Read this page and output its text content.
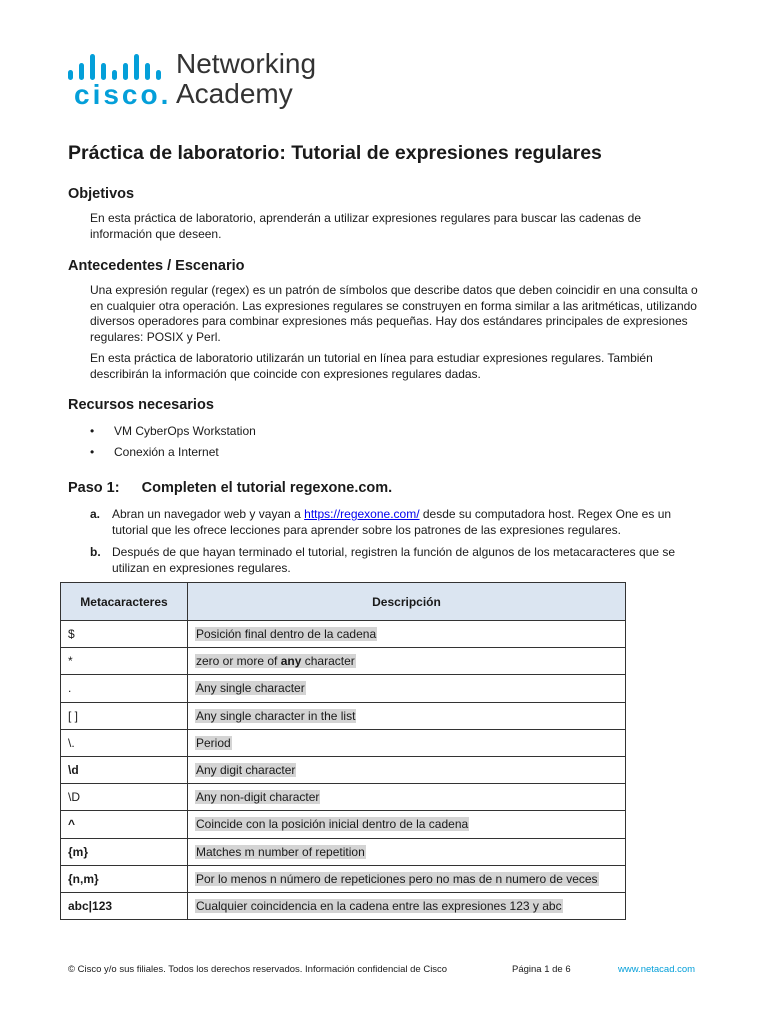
cisco.
Networking
Academy
Práctica de laboratorio: Tutorial de expresiones regulares
Objetivos

En esta práctica de laboratorio, aprenderán a utilizar expresiones regulares para buscar las cadenas de información que deseen.

Antecedentes / Escenario

Una expresión regular (regex) es un patrón de símbolos que describe datos que deben coincidir en una consulta o en cualquier otra operación. Las expresiones regulares se construyen en forma similar a las aritméticas, utilizando diversos operadores para combinar expresiones más pequeñas. Hay dos estándares principales de expresiones regulares: POSIX y Perl.

En esta práctica de laboratorio utilizarán un tutorial en línea para estudiar expresiones regulares. También describirán la información que coincide con expresiones regulares dadas.

Recursos necesarios
• VM CyberOps Workstation
• Conexión a Internet
Paso 1: Completen el tutorial regexone.com.
a. Abran un navegador web y vayan a https://regexone.com/ desde su computadora host. Regex One es un tutorial que les ofrece lecciones para aprender sobre los patrones de las expresiones regulares.
b. Después de que hayan terminado el tutorial, registren la función de algunos de los metacaracteres que se utilizan en expresiones regulares.
Metacaracteres	Descripción
$	Posición final dentro de la cadena
*	zero or more of any character
.	Any single character
[ ]	Any single character in the list
\.	Period
\d	Any digit character
\D	Any non-digit character
^	Coincide con la posición inicial dentro de la cadena
{m}	Matches m number of repetition
{n,m}	Por lo menos n número de repeticiones pero no mas de n numero de veces
abc|123	Cualquier coincidencia en la cadena entre las expresiones 123 y abc
© Cisco y/o sus filiales. Todos los derechos reservados. Información confidencial de Cisco	Página 1 de 6	www.netacad.com
